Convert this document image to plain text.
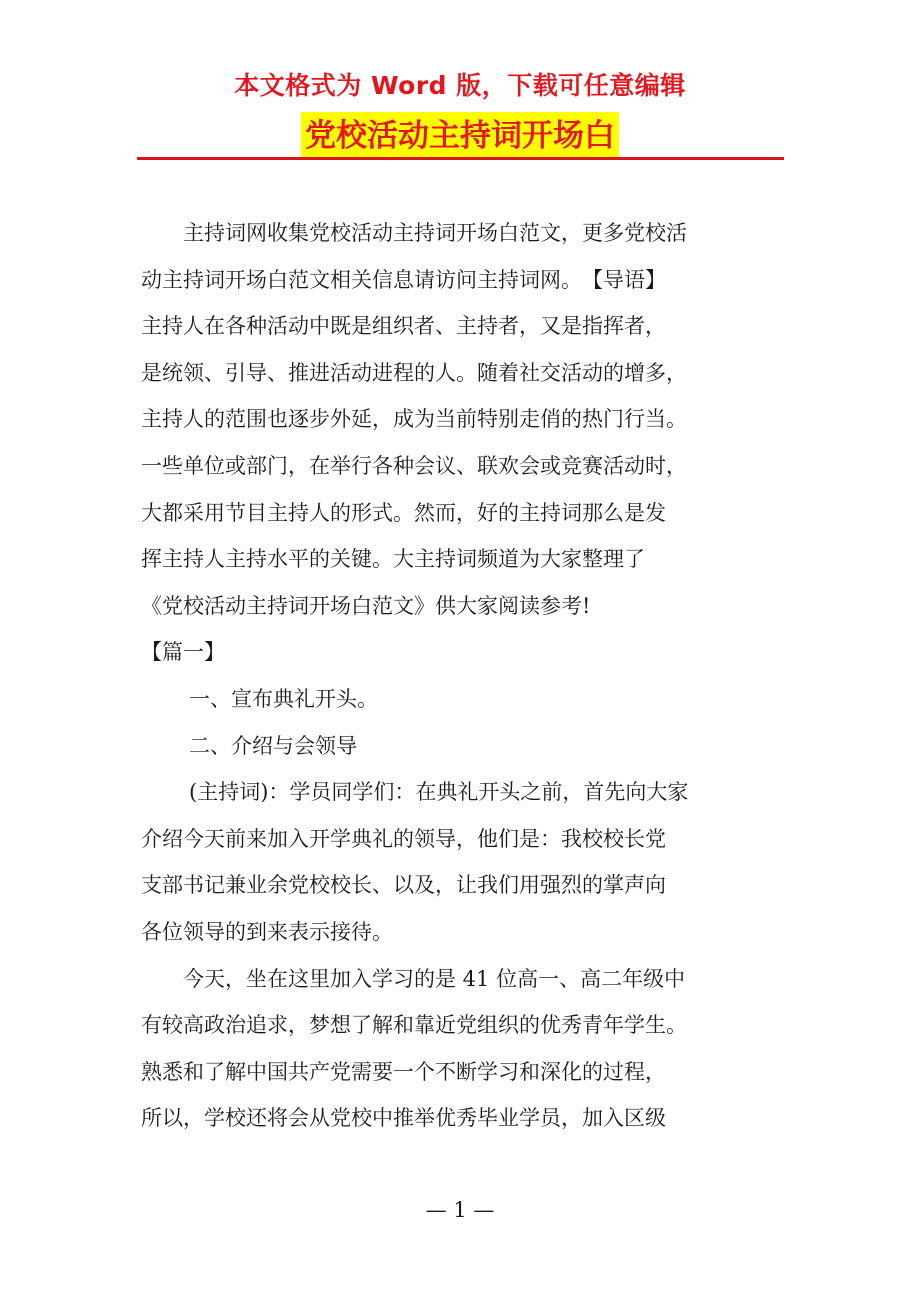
本文格式为 Word 版，下载可任意编辑
党校活动主持词开场白

主持词网收集党校活动主持词开场白范文，更多党校活

动主持词开场白范文相关信息请访问主持词网。　【导语】

主持人在各种活动中既是组织者、主持者，又是指挥者，

是统领、引导、推进活动进程的人。随着社交活动的增多，

主持人的范围也逐步外延，成为当前特别走俏的热门行当。

一些单位或部门，在举行各种会议、联欢会或竞赛活动时，

大都采用节目主持人的形式。然而，好的主持词那么是发

挥主持人主持水平的关键。大主持词频道为大家整理了

《党校活动主持词开场白范文》供大家阅读参考!

【篇一】

一、宣布典礼开头。

二、介绍与会领导

(主持词)：学员同学们：在典礼开头之前，首先向大家

介绍今天前来加入开学典礼的领导，他们是：我校校长党

支部书记兼业余党校校长、以及，让我们用强烈的掌声向

各位领导的到来表示接待。

今天，坐在这里加入学习的是 41 位高一、高二年级中

有较高政治追求，梦想了解和靠近党组织的优秀青年学生。

熟悉和了解中国共产党需要一个不断学习和深化的过程，

所以，学校还将会从党校中推举优秀毕业学员，加入区级

— 1 —
